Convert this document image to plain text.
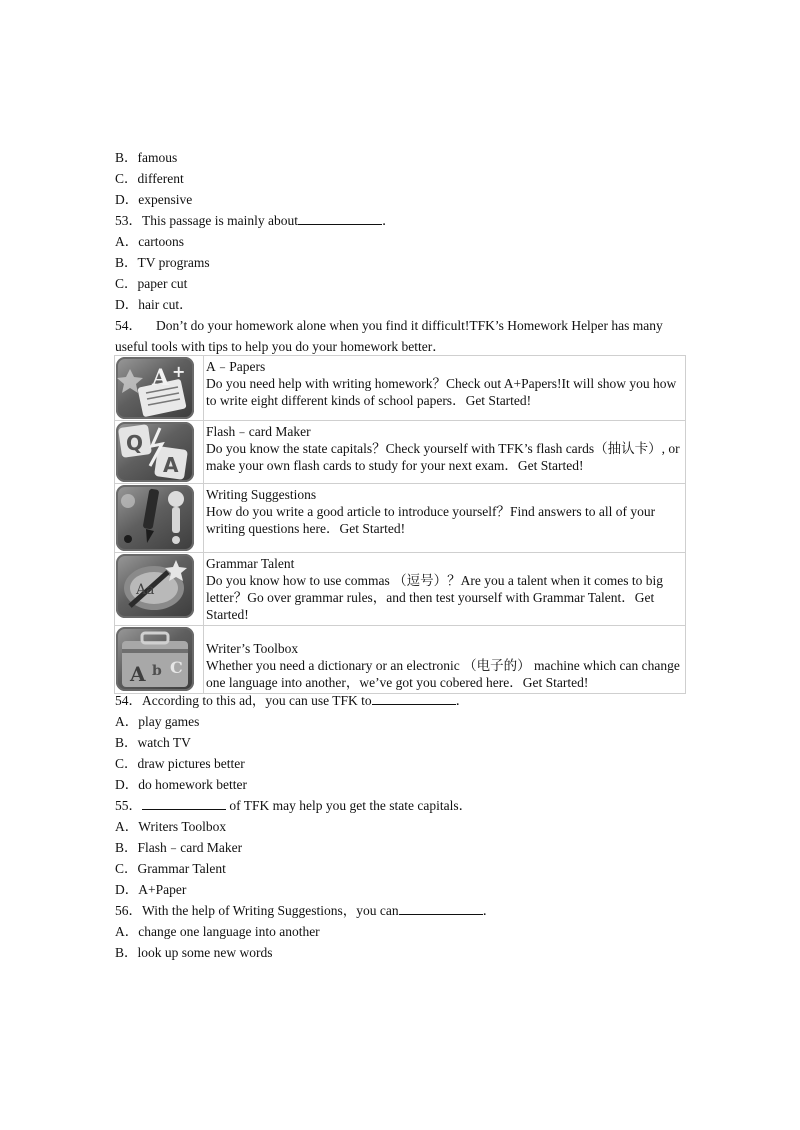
B．famous
C．different
D．expensive
53．This passage is mainly about	．
A．cartoons
B．TV programs
C．paper cut
D．hair cut．
54． Don’t do your homework alone when you find it difficult!TFK’s Homework Helper has many useful tools with tips to help you do your homework better．
A +	A﹣Papers
Do you need help with writing homework？Check out A+Papers!It will show you how to write eight different kinds of school papers．Get Started!

Q
A	Flash﹣card Maker
Do you know the state capitals？Check yourself with TFK’s flash cards（抽认卡）, or make your own flash cards to study for your next exam．Get Started!

Writing Suggestions
How do you write a good article to introduce yourself？Find answers to all of your writing questions here．Get Started!

Aa	Grammar Talent
Do you know how to use commas （逗号）？Are you a talent when it comes to big letter？Go over grammar rules，and then test yourself with Grammar Talent．Get Started!

A b C	Writer’s Toolbox
Whether you need a dictionary or an electronic （电子的） machine which can change one language into another，we’ve got you cobered here．Get Started!
54．According to this ad，you can use TFK to	．
A．play games
B．watch TV
C．draw pictures better
D．do homework better
55．	of TFK may help you get the state capitals．
A．Writers Toolbox
B．Flash﹣card Maker
C．Grammar Talent
D．A+Paper
56．With the help of Writing Suggestions，you can	．
A．change one language into another
B．look up some new words
